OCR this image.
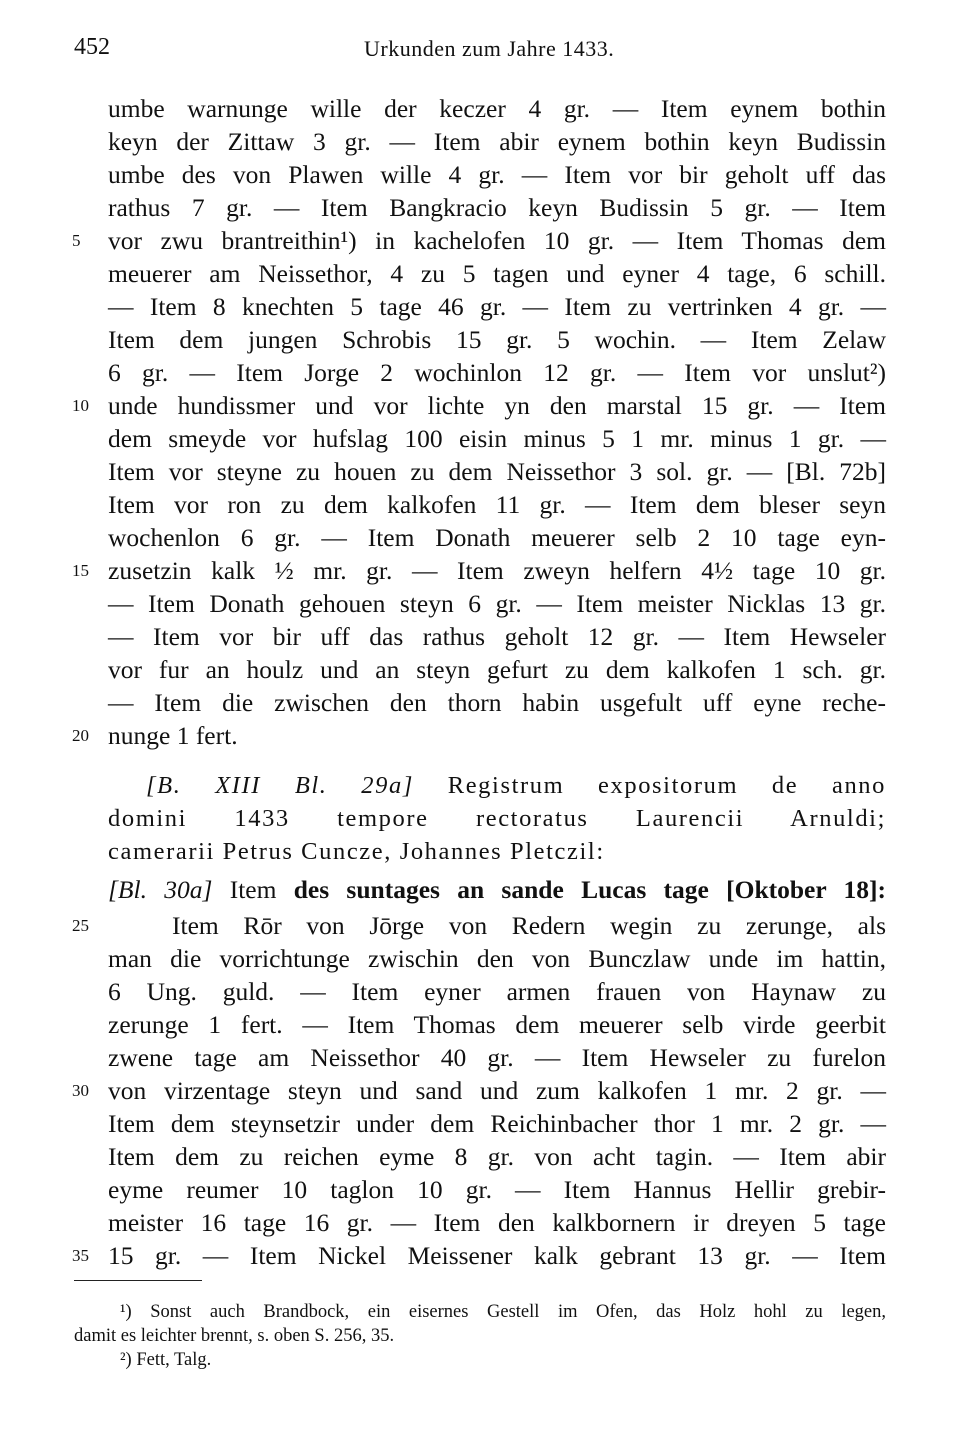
452	Urkunden zum Jahre 1433.
umbe warnunge wille der keczer 4 gr. — Item eynem bothin
keyn der Zittaw 3 gr. — Item abir eynem bothin keyn Budissin
umbe des von Plawen wille 4 gr. — Item vor bir geholt uff das
rathus 7 gr. — Item Bangkracio keyn Budissin 5 gr. — Item
vor zwu brantreithin¹) in kachelofen 10 gr. — Item Thomas dem
meuerer am Neissethor, 4 zu 5 tagen und eyner 4 tage, 6 schill.
— Item 8 knechten 5 tage 46 gr. — Item zu vertrinken 4 gr. —
Item dem jungen Schrobis 15 gr. 5 wochin. — Item Zelaw
6 gr. — Item Jorge 2 wochinlon 12 gr. — Item vor unslut²)
unde hundissmer und vor lichte yn den marstal 15 gr. — Item
dem smeyde vor hufslag 100 eisin minus 5 1 mr. minus 1 gr. —
Item vor steyne zu houen zu dem Neissethor 3 sol. gr. — [Bl. 72b]
Item vor ron zu dem kalkofen 11 gr. — Item dem bleser seyn
wochenlon 6 gr. — Item Donath meuerer selb 2 10 tage eyn-
zusetzin kalk ½ mr. gr. — Item zweyn helfern 4½ tage 10 gr.
— Item Donath gehouen steyn 6 gr. — Item meister Nicklas 13 gr.
— Item vor bir uff das rathus geholt 12 gr. — Item Hewseler
vor fur an houlz und an steyn gefurt zu dem kalkofen 1 sch. gr.
— Item die zwischen den thorn habin usgefult uff eyne reche-
nunge 1 fert.
[B. XIII Bl. 29a] Registrum expositorum de anno
domini 1433 tempore rectoratus Laurencii Arnuldi;
camerarii Petrus Cuncze, Johannes Pletczil:
[Bl. 30a] Item des suntages an sande Lucas tage [Oktober 18]:
Item Rōr von Jōrge von Redern wegin zu zerunge, als
man die vorrichtunge zwischin den von Bunczlaw unde im hattin,
6 Ung. guld. — Item eyner armen frauen von Haynaw zu
zerunge 1 fert. — Item Thomas dem meuerer selb virde geerbit
zwene tage am Neissethor 40 gr. — Item Hewseler zu furelon
von virzentage steyn und sand und zum kalkofen 1 mr. 2 gr. —
Item dem steynsetzir under dem Reichinbacher thor 1 mr. 2 gr. —
Item dem zu reichen eyme 8 gr. von acht tagin. — Item abir
eyme reumer 10 taglon 10 gr. — Item Hannus Hellir grebir-
meister 16 tage 16 gr. — Item den kalkbornern ir dreyen 5 tage
15 gr. — Item Nickel Meissener kalk gebrant 13 gr. — Item
5
10
15
20
25
30
35
¹) Sonst auch Brandbock, ein eisernes Gestell im Ofen, das Holz hohl zu legen,
damit es leichter brennt, s. oben S. 256, 35.
²) Fett, Talg.
